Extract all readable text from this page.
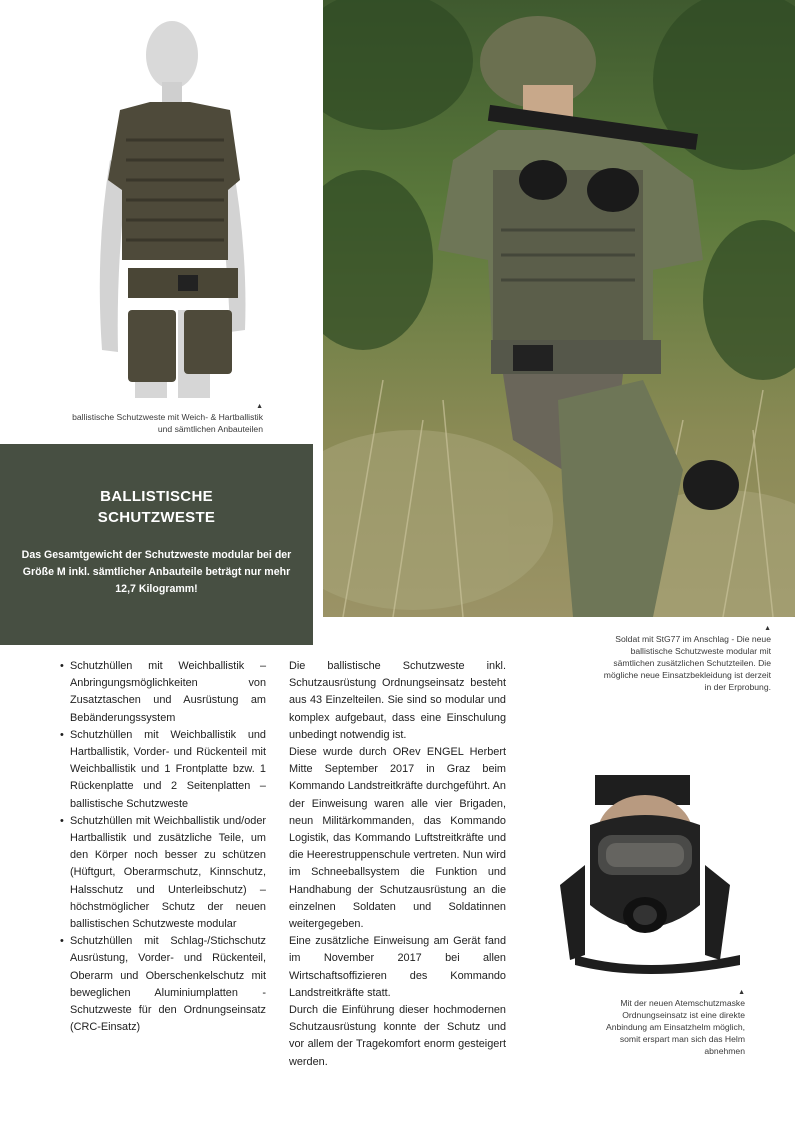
▲
ballistische Schutzweste mit Weich- & Hartballistik und sämtlichen Anbauteilen
▲
Soldat mit StG77 im Anschlag - Die neue ballistische Schutzweste modular mit sämtlichen zusätzlichen Schutzteilen. Die mögliche neue Einsatzbekleidung ist derzeit in der Erprobung.
BALLISTISCHE
SCHUTZWESTE

Das Gesamtgewicht der Schutzweste modular bei der Größe M inkl. sämtlicher Anbauteile beträgt nur mehr 12,7 Kilogramm!

• Schutzhüllen mit Weichballistik – Anbringungsmöglichkeiten von Zusatztaschen und Ausrüstung am Bebänderungssystem
• Schutzhüllen mit Weichballistik und Hartballistik, Vorder- und Rückenteil mit Weichballistik und 1 Frontplatte bzw. 1 Rückenplatte und 2 Seitenplatten – ballistische Schutzweste
• Schutzhüllen mit Weichballistik und/oder Hartballistik und zusätzliche Teile, um den Körper noch besser zu schützen (Hüftgurt, Oberarmschutz, Kinnschutz, Halsschutz und Unterleibschutz) – höchstmöglicher Schutz der neuen ballistischen Schutzweste modular
• Schutzhüllen mit Schlag-/Stichschutz Ausrüstung, Vorder- und Rückenteil, Oberarm und Oberschenkelschutz mit beweglichen Aluminiumplatten - Schutzweste für den Ordnungseinsatz (CRC-Einsatz)

Die ballistische Schutzweste inkl. Schutzausrüstung Ordnungseinsatz besteht aus 43 Einzelteilen. Sie sind so modular und komplex aufgebaut, dass eine Einschulung unbedingt notwendig ist.

Diese wurde durch ORev ENGEL Herbert Mitte September 2017 in Graz beim Kommando Landstreitkräfte durchgeführt. An der Einweisung waren alle vier Brigaden, neun Militärkommanden, das Kommando Logistik, das Kommando Luftstreitkräfte und die Heerestruppenschule vertreten. Nun wird im Schneeballsystem die Funktion und Handhabung der Schutzausrüstung an die einzelnen Soldaten und Soldatinnen weitergegeben.

Eine zusätzliche Einweisung am Gerät fand im November 2017 bei allen Wirtschaftsoffizieren des Kommando Landstreitkräfte statt.

Durch die Einführung dieser hochmodernen Schutzausrüstung konnte der Schutz und vor allem der Tragekomfort enorm gesteigert werden.

▲
Mit der neuen Atemschutzmaske Ordnungseinsatz ist eine direkte Anbindung am Einsatzhelm möglich, somit erspart man sich das Helm abnehmen
